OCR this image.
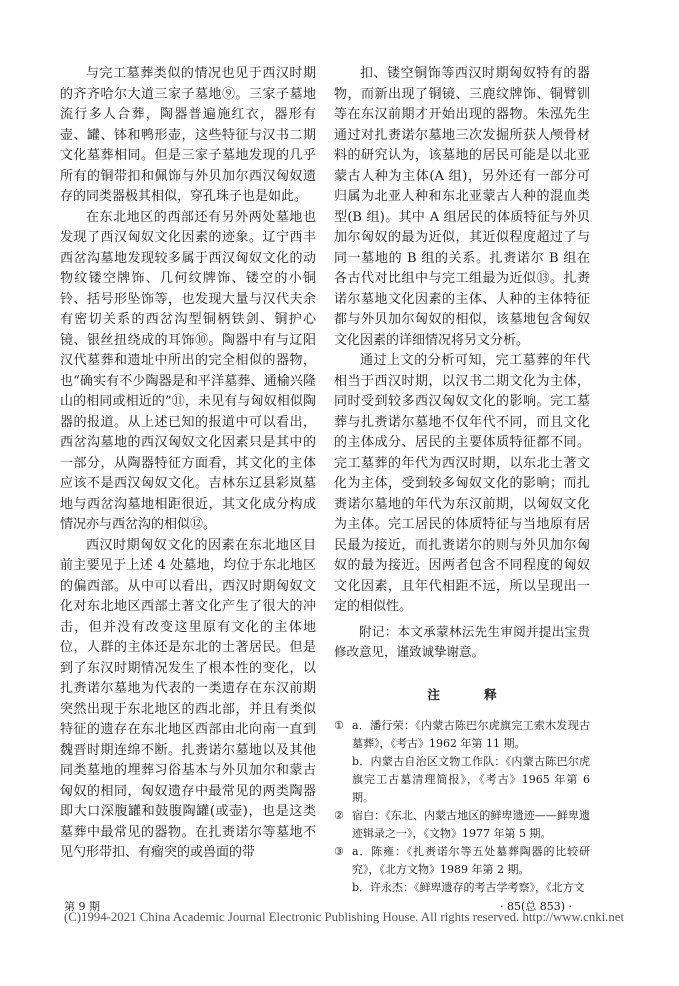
与完工墓葬类似的情况也见于西汉时期的齐齐哈尔大道三家子墓地⑨。三家子墓地流行多人合葬，陶器普遍施红衣，器形有壶、罐、钵和鸭形壶，这些特征与汉书二期文化墓葬相同。但是三家子墓地发现的几乎所有的铜带扣和佩饰与外贝加尔西汉匈奴遗存的同类器极其相似，穿孔珠子也是如此。

在东北地区的西部还有另外两处墓地也发现了西汉匈奴文化因素的迹象。辽宁西丰西岔沟墓地发现较多属于西汉匈奴文化的动物纹镂空牌饰、几何纹牌饰、镂空的小铜铃、括号形坠饰等，也发现大量与汉代夫余有密切关系的西岔沟型铜柄铁剑、铜护心镜、银丝扭绕成的耳饰⑩。陶器中有与辽阳汉代墓葬和遗址中所出的完全相似的器物，也“确实有不少陶器是和平洋墓葬、通榆兴隆山的相同或相近的”⑪，未见有与匈奴相似陶器的报道。从上述已知的报道中可以看出，西岔沟墓地的西汉匈奴文化因素只是其中的一部分，从陶器特征方面看，其文化的主体应该不是西汉匈奴文化。吉林东辽县彩岚墓地与西岔沟墓地相距很近，其文化成分构成情况亦与西岔沟的相似⑫。

西汉时期匈奴文化的因素在东北地区目前主要见于上述 4 处墓地，均位于东北地区的偏西部。从中可以看出，西汉时期匈奴文化对东北地区西部土著文化产生了很大的冲击，但并没有改变这里原有文化的主体地位，人群的主体还是东北的土著居民。但是到了东汉时期情况发生了根本性的变化，以扎赉诺尔墓地为代表的一类遗存在东汉前期突然出现于东北地区的西北部，并且有类似特征的遗存在东北地区西部由北向南一直到魏晋时期连绵不断。扎赉诺尔墓地以及其他同类墓地的埋葬习俗基本与外贝加尔和蒙古匈奴的相同，匈奴遗存中最常见的两类陶器即大口深腹罐和鼓腹陶罐(或壶)，也是这类墓葬中最常见的器物。在扎赉诺尔等墓地不见勺形带扣、有瘤突的或兽面的带

扣、镂空铜饰等西汉时期匈奴特有的器物，而新出现了铜镜、三鹿纹牌饰、铜臂钏等在东汉前期才开始出现的器物。朱泓先生通过对扎赉诺尔墓地三次发掘所获人颅骨材料的研究认为，该墓地的居民可能是以北亚蒙古人种为主体(A 组)，另外还有一部分可归属为北亚人种和东北亚蒙古人种的混血类型(B 组)。其中 A 组居民的体质特征与外贝加尔匈奴的最为近似，其近似程度超过了与同一墓地的 B 组的关系。扎赉诺尔 B 组在各古代对比组中与完工组最为近似⑬。扎赉诺尔墓地文化因素的主体、人种的主体特征都与外贝加尔匈奴的相似，该墓地包含匈奴文化因素的详细情况将另文分析。

通过上文的分析可知，完工墓葬的年代相当于西汉时期，以汉书二期文化为主体，同时受到较多西汉匈奴文化的影响。完工墓葬与扎赉诺尔墓地不仅年代不同，而且文化的主体成分、居民的主要体质特征都不同。完工墓葬的年代为西汉时期，以东北土著文化为主体，受到较多匈奴文化的影响；而扎赉诺尔墓地的年代为东汉前期，以匈奴文化为主体。完工居民的体质特征与当地原有居民最为接近，而扎赉诺尔的则与外贝加尔匈奴的最为接近。因两者包含不同程度的匈奴文化因素，且年代相距不远，所以呈现出一定的相似性。

附记：本文承蒙林沄先生审阅并提出宝贵修改意见，谨致诚挚谢意。

注 释
① a．潘行荣：《内蒙古陈巴尔虎旗完工索木发现古墓葬》，《考古》1962 年第 11 期。
b．内蒙古自治区文物工作队：《内蒙古陈巴尔虎旗完工古墓清理简报》，《考古》1965 年第 6 期。
② 宿白：《东北、内蒙古地区的鲜卑遗迹——鲜卑遗迹辑录之一》，《文物》1977 年第 5 期。
③ a．陈雍：《扎赉诺尔等五处墓葬陶器的比较研究》，《北方文物》1989 年第 2 期。
b．许永杰：《鲜卑遗存的考古学考察》，《北方文
第 9 期	· 85(总 853) ·
(C)1994-2021 China Academic Journal Electronic Publishing House. All rights reserved. http://www.cnki.net
